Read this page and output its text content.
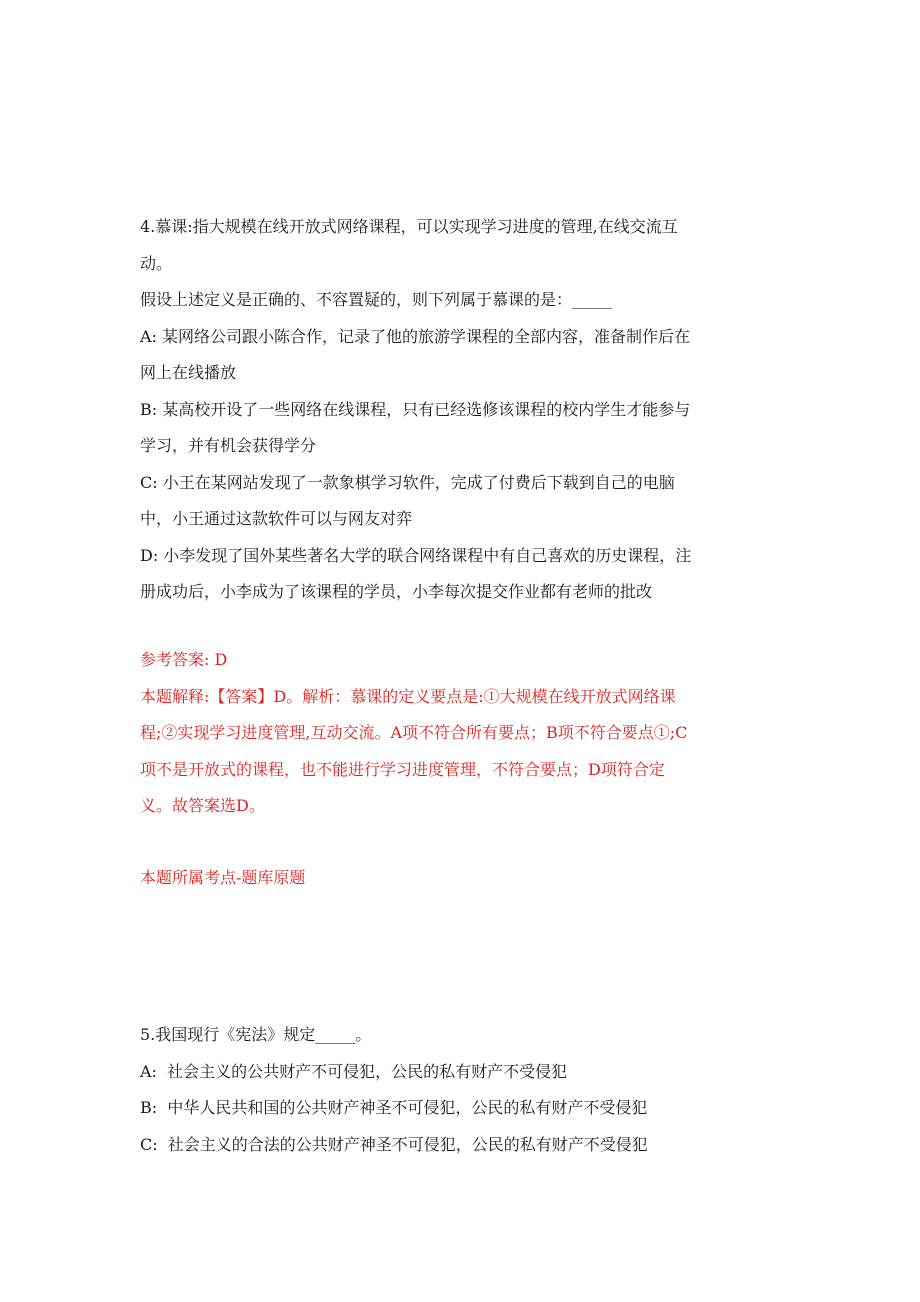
4.慕课:指大规模在线开放式网络课程，可以实现学习进度的管理,在线交流互
动。
假设上述定义是正确的、不容置疑的，则下列属于慕课的是：_____
A: 某网络公司跟小陈合作，记录了他的旅游学课程的全部内容，准备制作后在
网上在线播放
B: 某高校开设了一些网络在线课程，只有已经选修该课程的校内学生才能参与
学习，并有机会获得学分
C: 小王在某网站发现了一款象棋学习软件，完成了付费后下载到自己的电脑
中，小王通过这款软件可以与网友对弈
D: 小李发现了国外某些著名大学的联合网络课程中有自己喜欢的历史课程，注
册成功后，小李成为了该课程的学员，小李每次提交作业都有老师的批改
参考答案: D
本题解释:【答案】D。解析：慕课的定义要点是:①大规模在线开放式网络课
程;②实现学习进度管理,互动交流。A项不符合所有要点；B项不符合要点①;C
项不是开放式的课程，也不能进行学习进度管理，不符合要点；D项符合定
义。故答案选D。
本题所属考点-题库原题
5.我国现行《宪法》规定_____。
A:  社会主义的公共财产不可侵犯，公民的私有财产不受侵犯
B:  中华人民共和国的公共财产神圣不可侵犯，公民的私有财产不受侵犯
C:  社会主义的合法的公共财产神圣不可侵犯，公民的私有财产不受侵犯
